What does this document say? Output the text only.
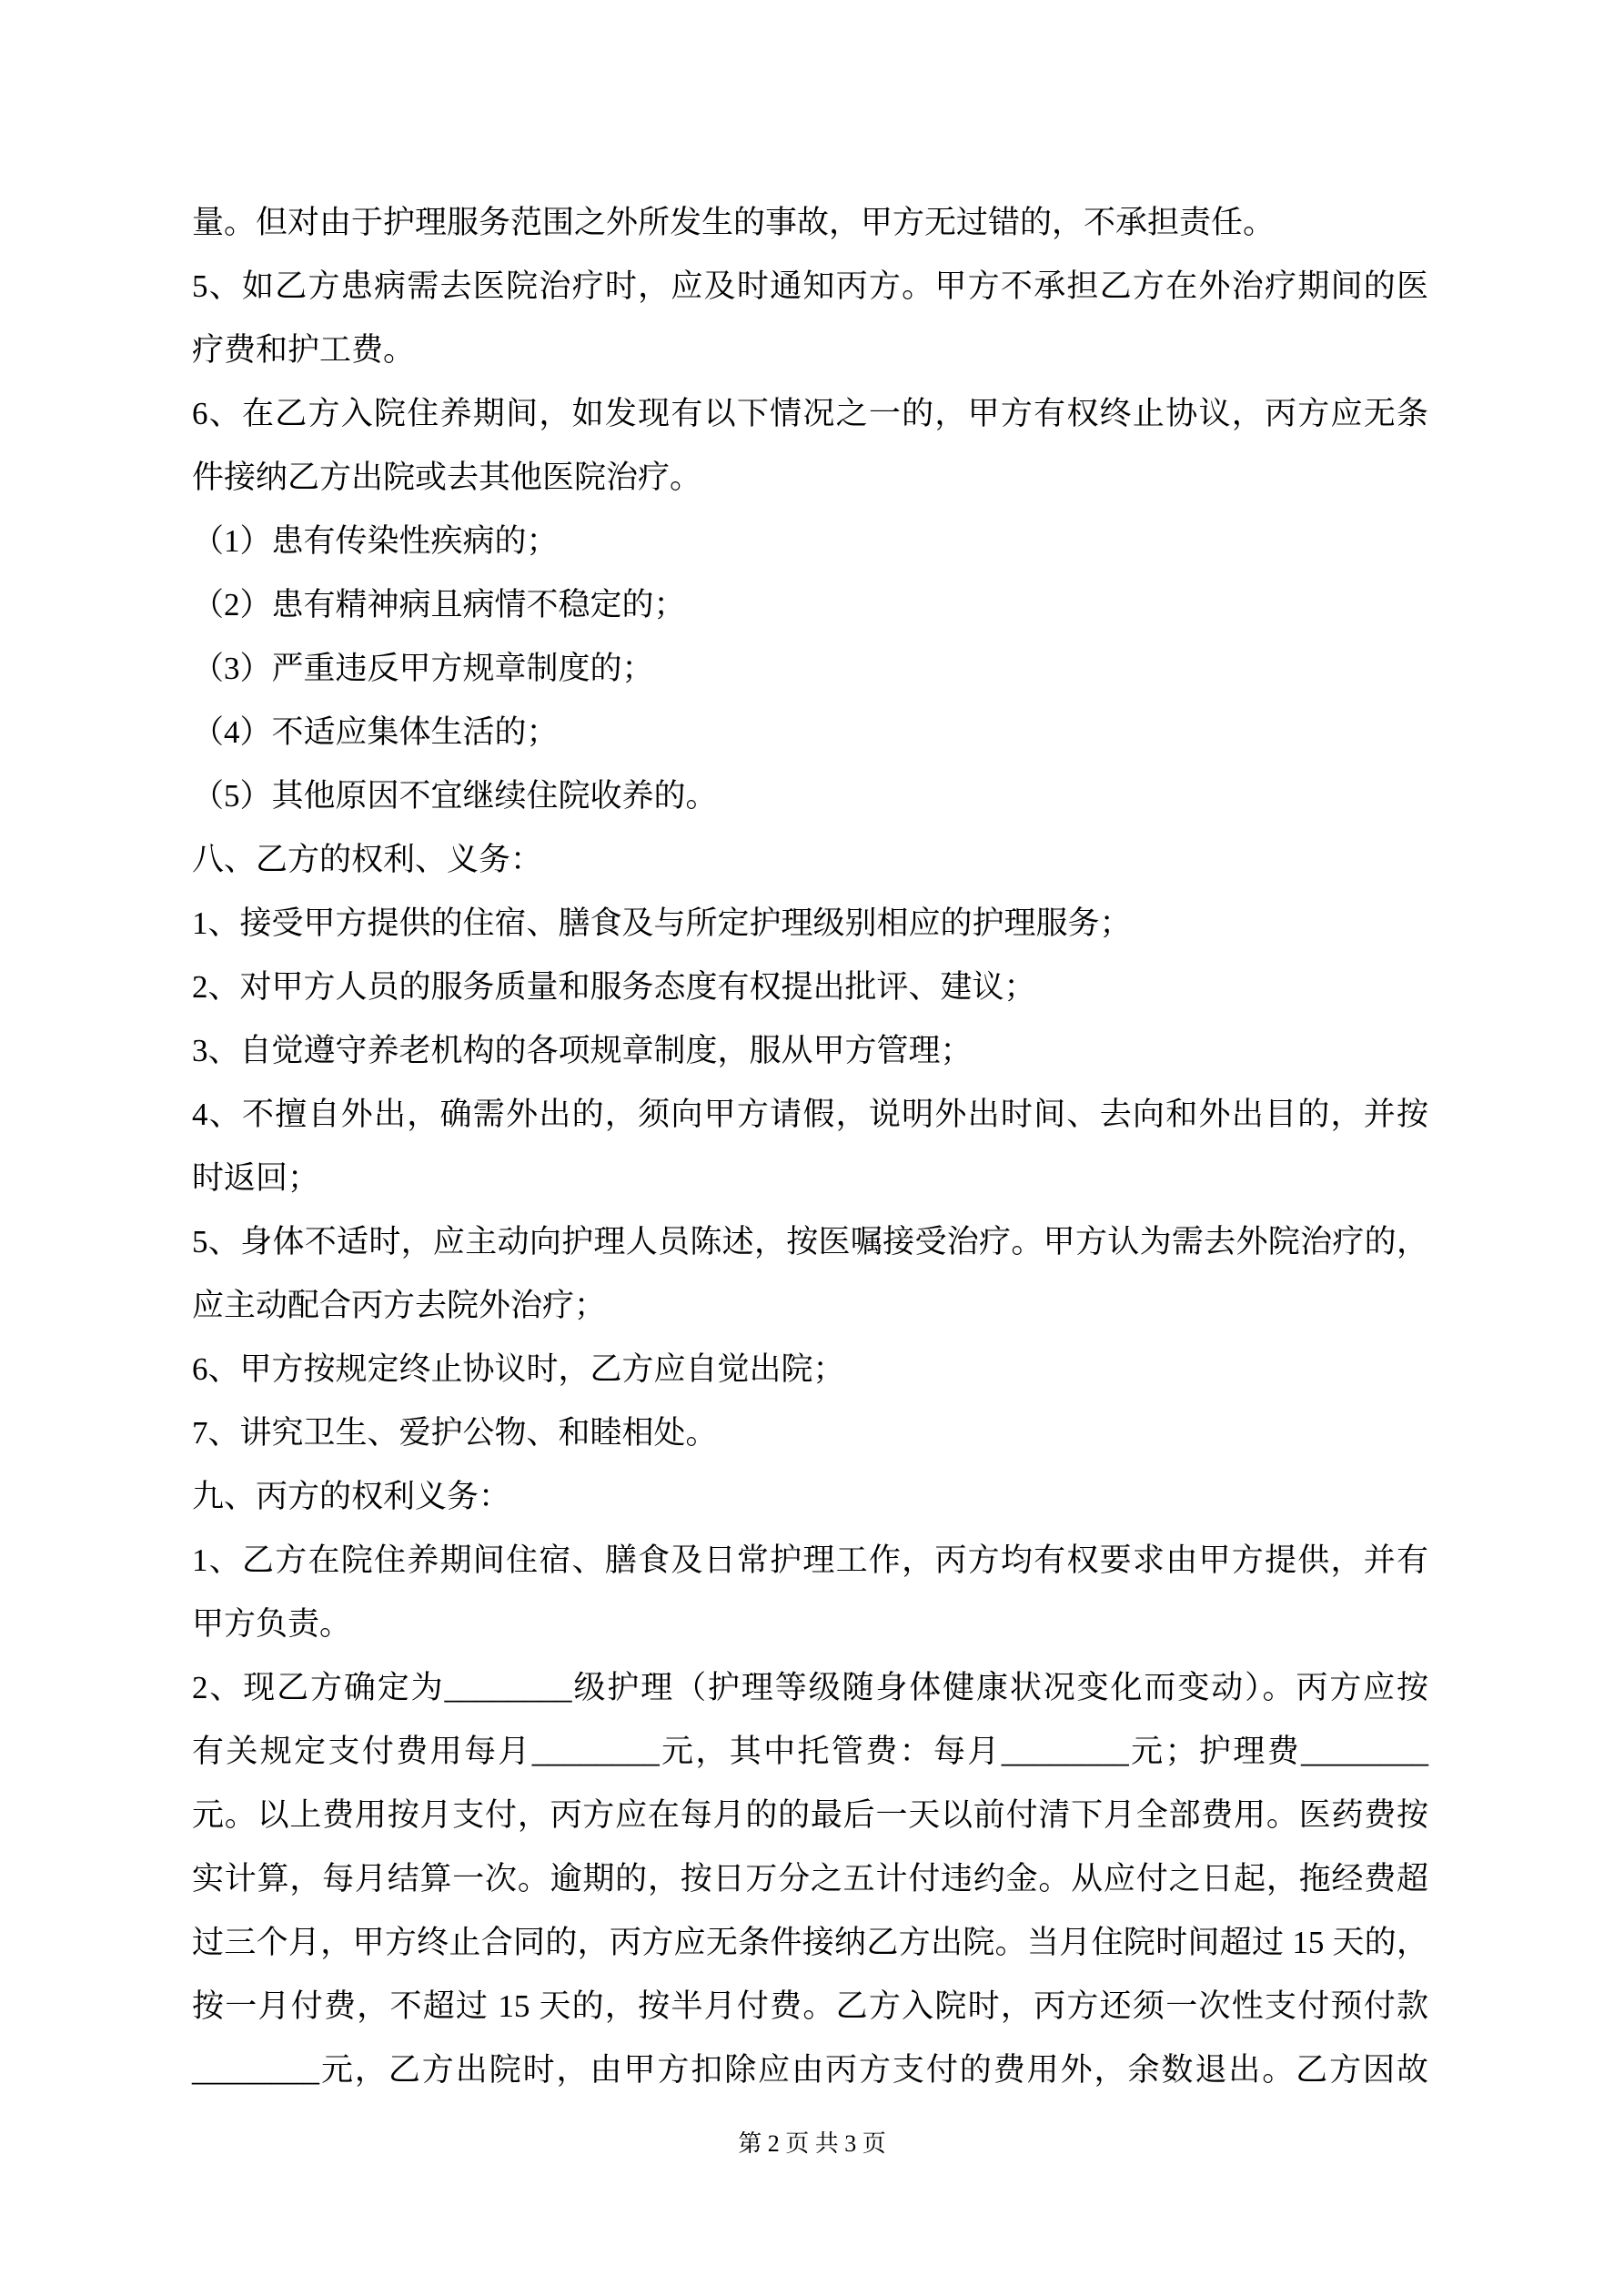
量。但对由于护理服务范围之外所发生的事故，甲方无过错的，不承担责任。
5、如乙方患病需去医院治疗时，应及时通知丙方。甲方不承担乙方在外治疗期间的医
疗费和护工费。
6、在乙方入院住养期间，如发现有以下情况之一的，甲方有权终止协议，丙方应无条
件接纳乙方出院或去其他医院治疗。
（1）患有传染性疾病的；
（2）患有精神病且病情不稳定的；
（3）严重违反甲方规章制度的；
（4）不适应集体生活的；
（5）其他原因不宜继续住院收养的。
八、乙方的权利、义务：
1、接受甲方提供的住宿、膳食及与所定护理级别相应的护理服务；
2、对甲方人员的服务质量和服务态度有权提出批评、建议；
3、自觉遵守养老机构的各项规章制度，服从甲方管理；
4、不擅自外出，确需外出的，须向甲方请假，说明外出时间、去向和外出目的，并按
时返回；
5、身体不适时，应主动向护理人员陈述，按医嘱接受治疗。甲方认为需去外院治疗的，
应主动配合丙方去院外治疗；
6、甲方按规定终止协议时，乙方应自觉出院；
7、讲究卫生、爱护公物、和睦相处。
九、丙方的权利义务：
1、乙方在院住养期间住宿、膳食及日常护理工作，丙方均有权要求由甲方提供，并有
甲方负责。
2、现乙方确定为________级护理（护理等级随身体健康状况变化而变动）。丙方应按
有关规定支付费用每月________元，其中托管费：每月________元；护理费________
元。以上费用按月支付，丙方应在每月的的最后一天以前付清下月全部费用。医药费按
实计算，每月结算一次。逾期的，按日万分之五计付违约金。从应付之日起，拖经费超
过三个月，甲方终止合同的，丙方应无条件接纳乙方出院。当月住院时间超过 15 天的，
按一月付费，不超过 15 天的，按半月付费。乙方入院时，丙方还须一次性支付预付款
________元，乙方出院时，由甲方扣除应由丙方支付的费用外，余数退出。乙方因故
第 2 页 共 3 页
